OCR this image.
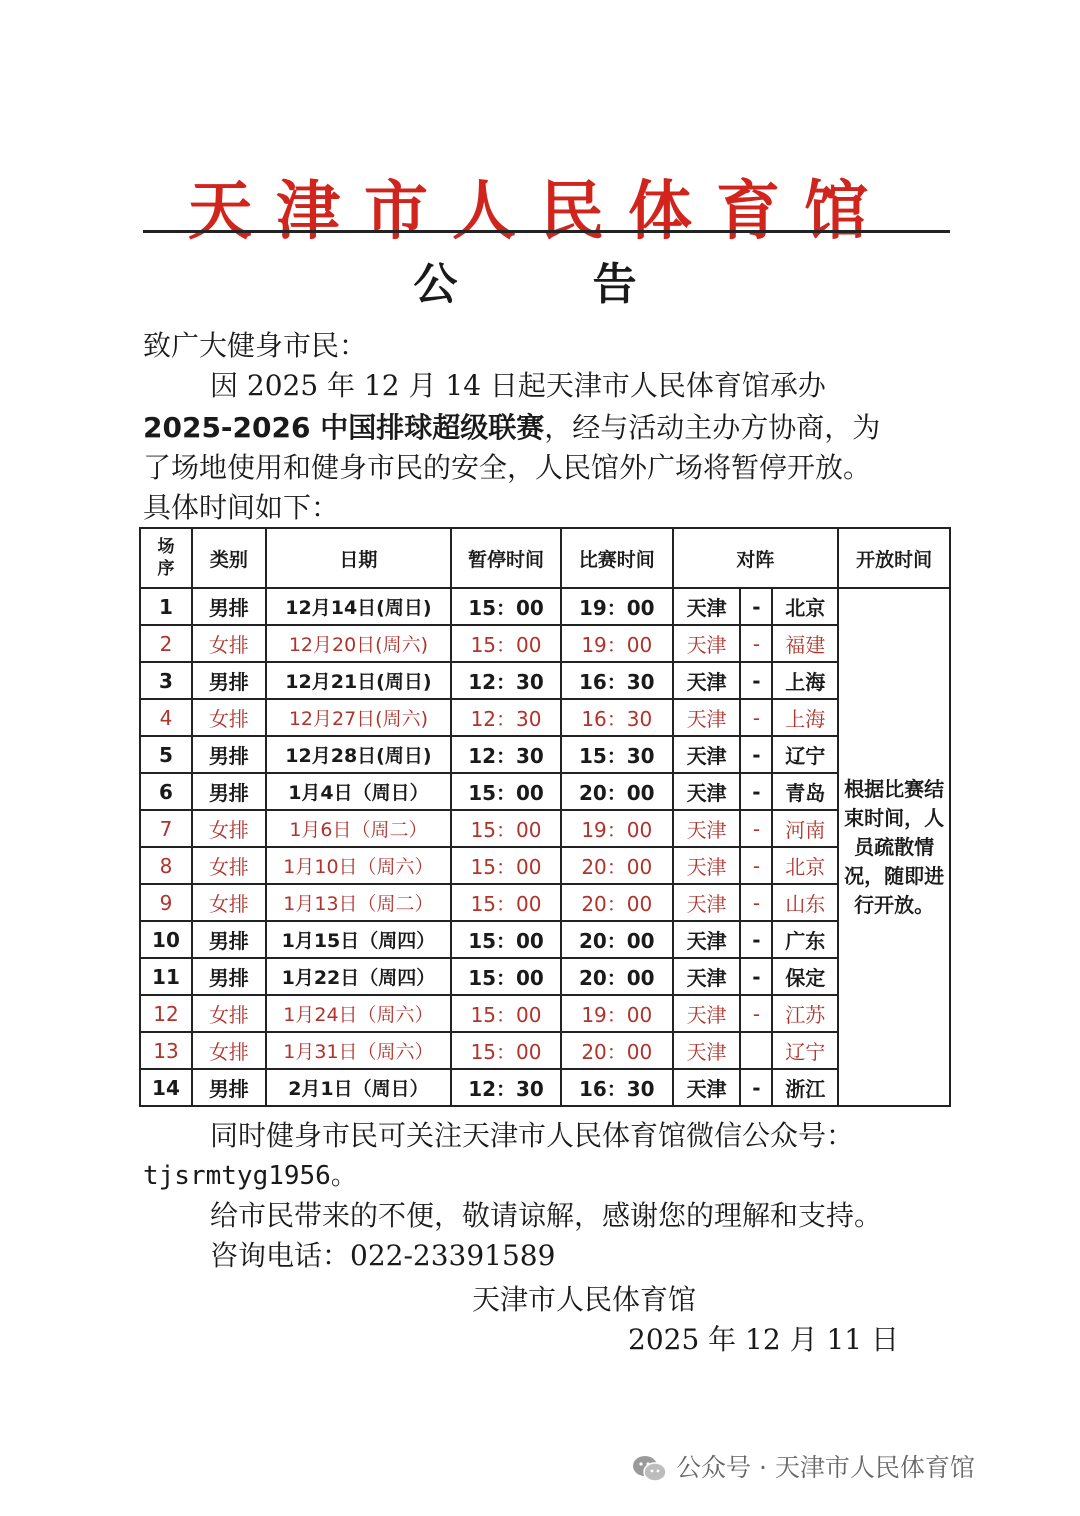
天津市人民体育馆
公 告
致广大健身市民：
因 2025 年 12 月 14 日起天津市人民体育馆承办
2025-2026 中国排球超级联赛，经与活动主办方协商，为
了场地使用和健身市民的安全，人民馆外广场将暂停开放。
具体时间如下：
场序	类别	日期	暂停时间	比赛时间	对阵			开放时间
1	男排	12月14日(周日)	15：00	19：00	天津	-	北京	根据比赛结束时间，人员疏散情况，随即进行开放。
2	女排	12月20日(周六)	15：00	19：00	天津	-	福建	
3	男排	12月21日(周日)	12：30	16：30	天津	-	上海	
4	女排	12月27日(周六)	12：30	16：30	天津	-	上海	
5	男排	12月28日(周日)	12：30	15：30	天津	-	辽宁	
6	男排	1月4日（周日）	15：00	20：00	天津	-	青岛	
7	女排	1月6日（周二）	15：00	19：00	天津	-	河南	
8	女排	1月10日（周六）	15：00	20：00	天津	-	北京	
9	女排	1月13日（周二）	15：00	20：00	天津	-	山东	
10	男排	1月15日（周四）	15：00	20：00	天津	-	广东	
11	男排	1月22日（周四）	15：00	20：00	天津	-	保定	
12	女排	1月24日（周六）	15：00	19：00	天津	-	江苏	
13	女排	1月31日（周六）	15：00	20：00	天津		辽宁	
14	男排	2月1日（周日）	12：30	16：30	天津	-	浙江	
同时健身市民可关注天津市人民体育馆微信公众号：
tjsrmtyg1956。
给市民带来的不便，敬请谅解，感谢您的理解和支持。
咨询电话：022-23391589
天津市人民体育馆
2025 年 12 月 11 日
公众号 · 天津市人民体育馆
